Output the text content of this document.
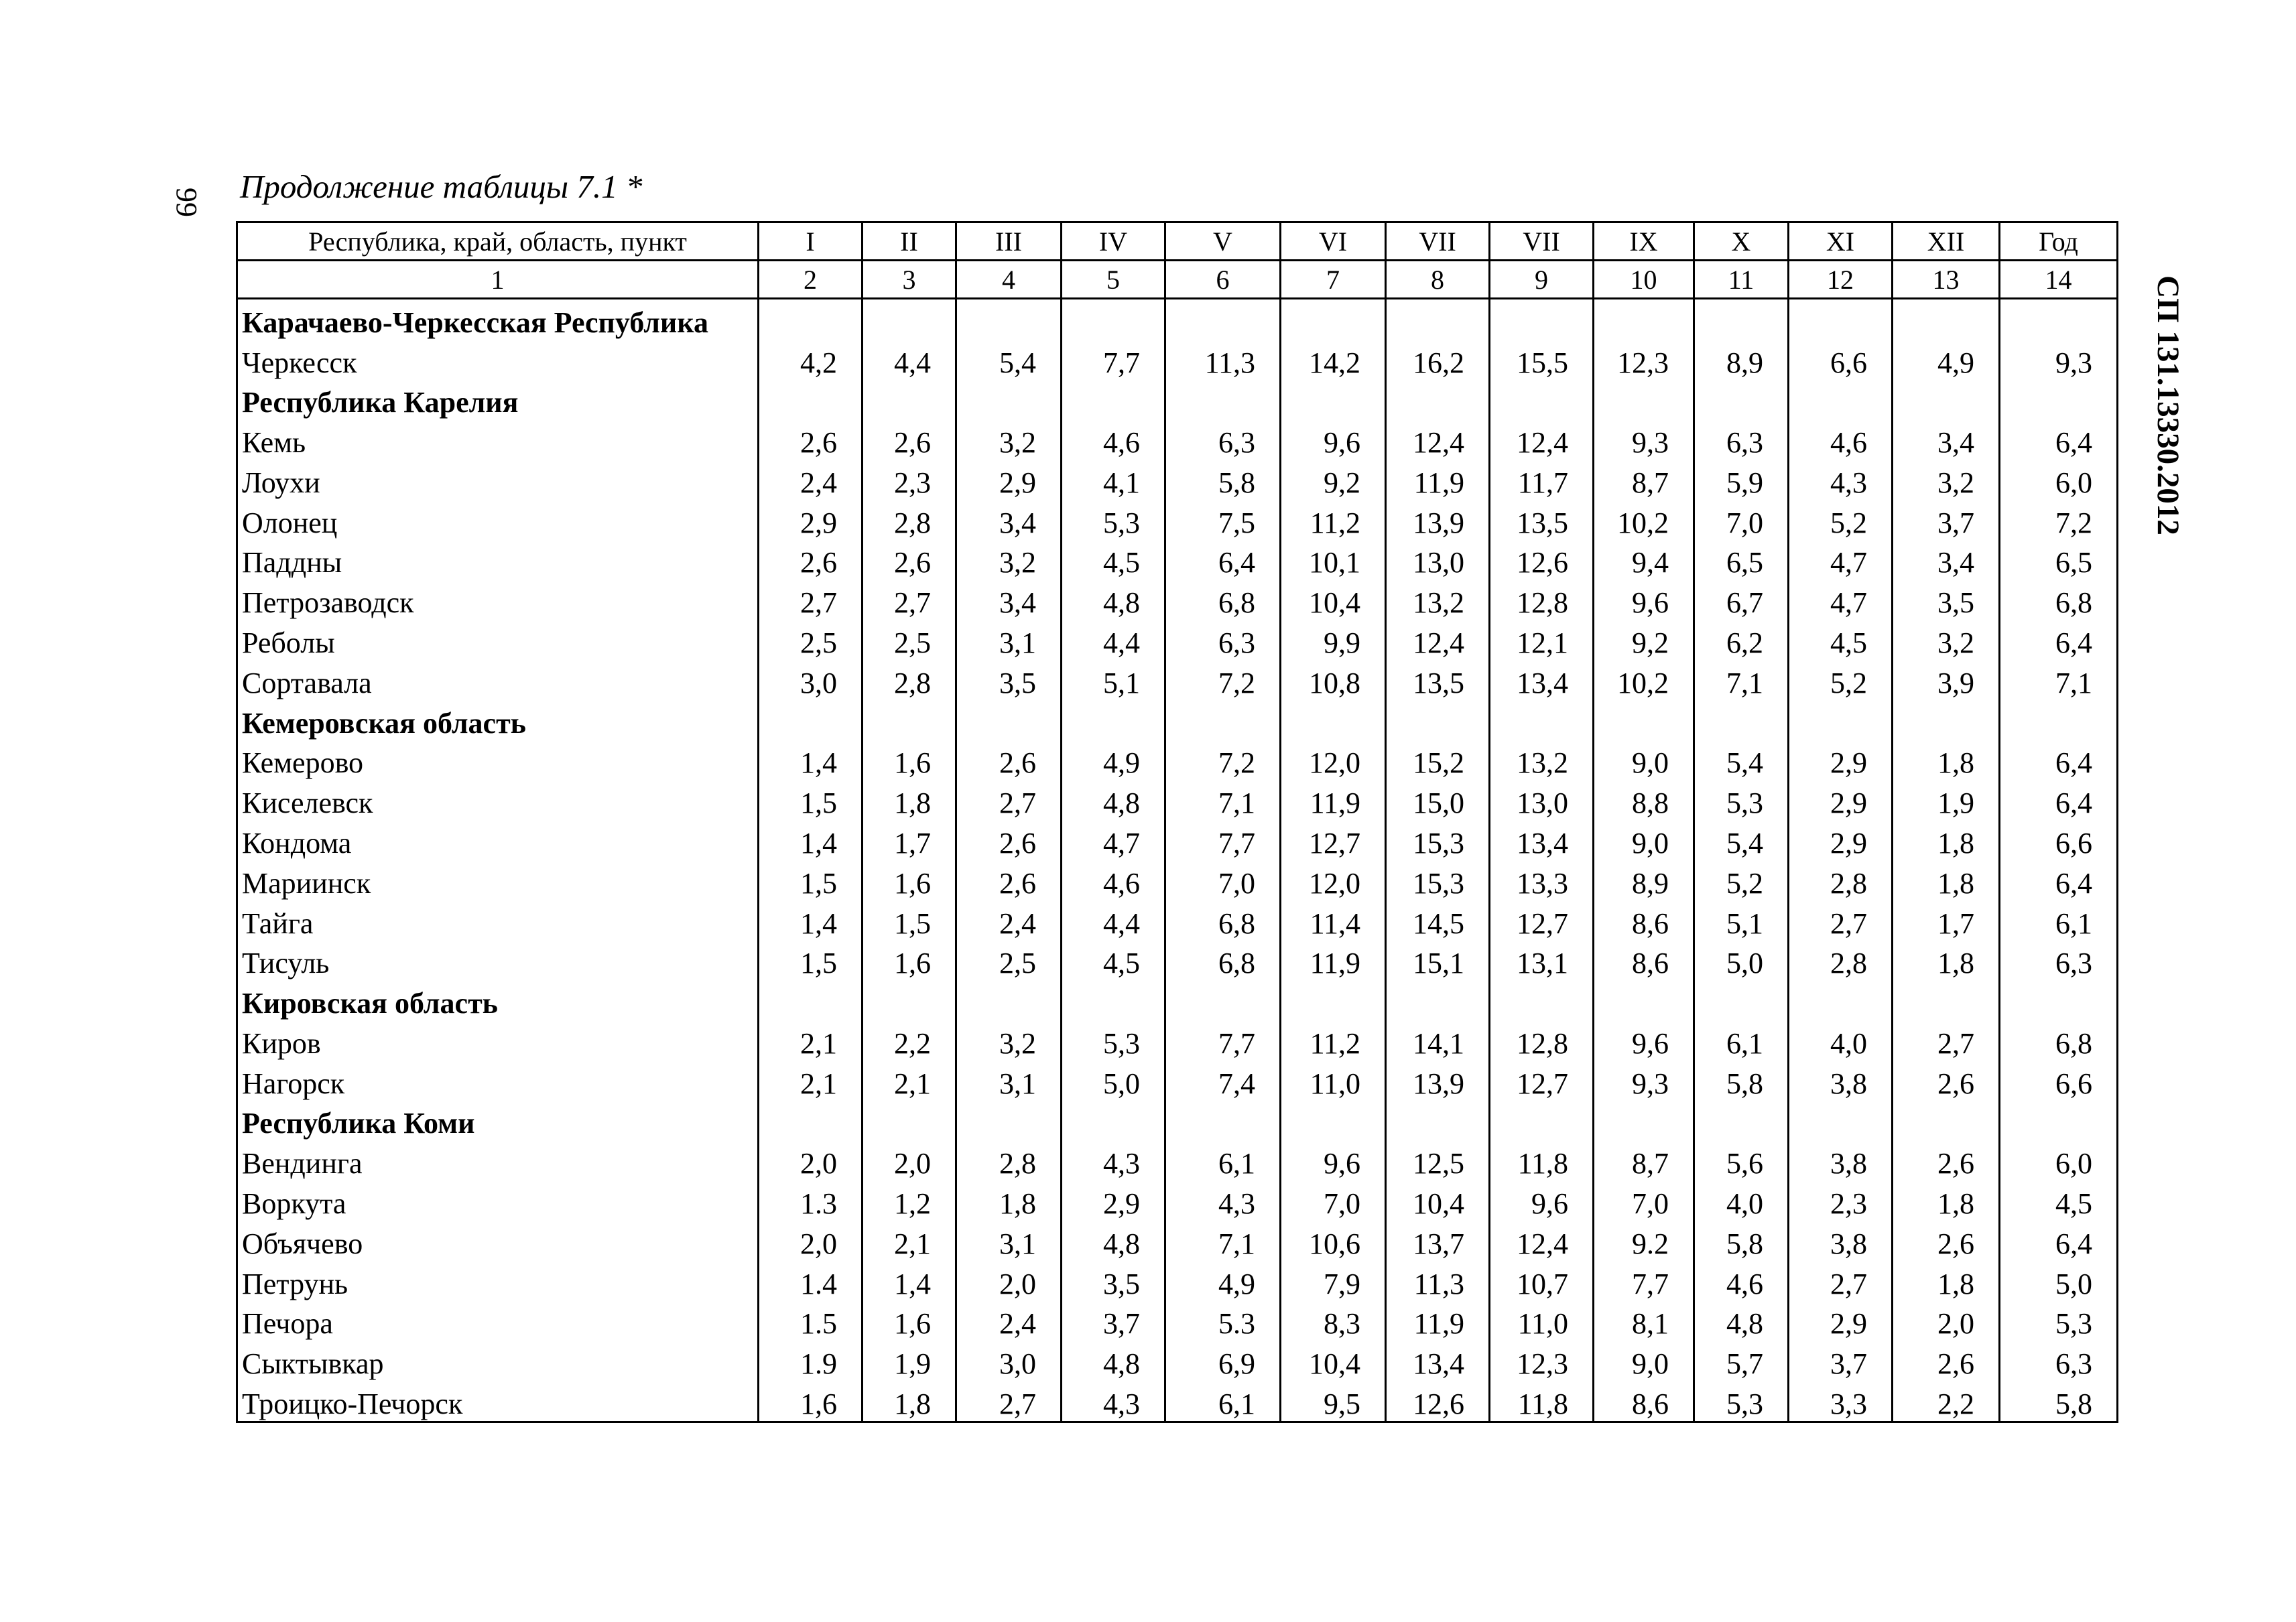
99 Продолжение таблицы 7.1 *
СП 131.13330.2012
Республика, край, область, пункт	I	II	III	IV	V	VI	VII	VII	IX	X	XI	XII	Год
1	2	3	4	5	6	7	8	9	10	11	12	13	14
Карачаево-Черкесская Республика													
Черкесск	4,2	4,4	5,4	7,7	11,3	14,2	16,2	15,5	12,3	8,9	6,6	4,9	9,3
Республика Карелия													
Кемь	2,6	2,6	3,2	4,6	6,3	9,6	12,4	12,4	9,3	6,3	4,6	3,4	6,4
Лоухи	2,4	2,3	2,9	4,1	5,8	9,2	11,9	11,7	8,7	5,9	4,3	3,2	6,0
Олонец	2,9	2,8	3,4	5,3	7,5	11,2	13,9	13,5	10,2	7,0	5,2	3,7	7,2
Паддны	2,6	2,6	3,2	4,5	6,4	10,1	13,0	12,6	9,4	6,5	4,7	3,4	6,5
Петрозаводск	2,7	2,7	3,4	4,8	6,8	10,4	13,2	12,8	9,6	6,7	4,7	3,5	6,8
Реболы	2,5	2,5	3,1	4,4	6,3	9,9	12,4	12,1	9,2	6,2	4,5	3,2	6,4
Сортавала	3,0	2,8	3,5	5,1	7,2	10,8	13,5	13,4	10,2	7,1	5,2	3,9	7,1
Кемеровская область													
Кемерово	1,4	1,6	2,6	4,9	7,2	12,0	15,2	13,2	9,0	5,4	2,9	1,8	6,4
Киселевск	1,5	1,8	2,7	4,8	7,1	11,9	15,0	13,0	8,8	5,3	2,9	1,9	6,4
Кондома	1,4	1,7	2,6	4,7	7,7	12,7	15,3	13,4	9,0	5,4	2,9	1,8	6,6
Мариинск	1,5	1,6	2,6	4,6	7,0	12,0	15,3	13,3	8,9	5,2	2,8	1,8	6,4
Тайга	1,4	1,5	2,4	4,4	6,8	11,4	14,5	12,7	8,6	5,1	2,7	1,7	6,1
Тисуль	1,5	1,6	2,5	4,5	6,8	11,9	15,1	13,1	8,6	5,0	2,8	1,8	6,3
Кировская область													
Киров	2,1	2,2	3,2	5,3	7,7	11,2	14,1	12,8	9,6	6,1	4,0	2,7	6,8
Нагорск	2,1	2,1	3,1	5,0	7,4	11,0	13,9	12,7	9,3	5,8	3,8	2,6	6,6
Республика Коми													
Вендинга	2,0	2,0	2,8	4,3	6,1	9,6	12,5	11,8	8,7	5,6	3,8	2,6	6,0
Воркута	1.3	1,2	1,8	2,9	4,3	7,0	10,4	9,6	7,0	4,0	2,3	1,8	4,5
Объячево	2,0	2,1	3,1	4,8	7,1	10,6	13,7	12,4	9.2	5,8	3,8	2,6	6,4
Петрунь	1.4	1,4	2,0	3,5	4,9	7,9	11,3	10,7	7,7	4,6	2,7	1,8	5,0
Печора	1.5	1,6	2,4	3,7	5.3	8,3	11,9	11,0	8,1	4,8	2,9	2,0	5,3
Сыктывкар	1.9	1,9	3,0	4,8	6,9	10,4	13,4	12,3	9,0	5,7	3,7	2,6	6,3
Троицко-Печорск	1,6	1,8	2,7	4,3	6,1	9,5	12,6	11,8	8,6	5,3	3,3	2,2	5,8
